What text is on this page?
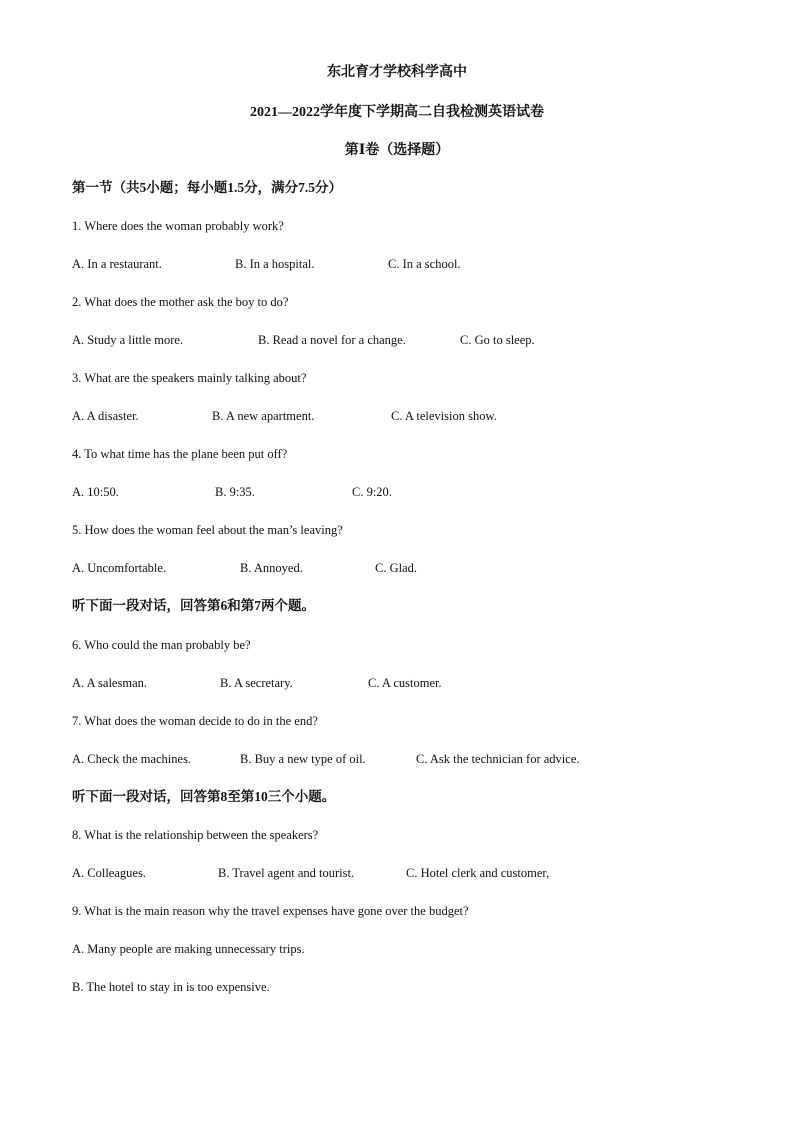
东北育才学校科学高中
2021—2022学年度下学期高二自我检测英语试卷
第Ⅰ卷（选择题）
第一节（共5小题；每小题1.5分，满分7.5分）
1. Where does the woman probably work?
A. In a restaurant.	B. In a hospital.	C. In a school.
2. What does the mother ask the boy to do?
A. Study a little more.	B. Read a novel for a change.	C. Go to sleep.
3. What are the speakers mainly talking about?
A. A disaster.	B. A new apartment.	C. A television show.
4. To what time has the plane been put off?
A. 10:50.	B. 9:35.	C. 9:20.
5. How does the woman feel about the man’s leaving?
A. Uncomfortable.	B. Annoyed.	C. Glad.
听下面一段对话，回答第6和第7两个题。
6. Who could the man probably be?
A. A salesman.	B. A secretary.	C. A customer.
7. What does the woman decide to do in the end?
A. Check the machines.	B. Buy a new type of oil.	C. Ask the technician for advice.
听下面一段对话，回答第8至第10三个小题。
8. What is the relationship between the speakers?
A. Colleagues.	B. Travel agent and tourist.	C. Hotel clerk and customer,
9. What is the main reason why the travel expenses have gone over the budget?
A. Many people are making unnecessary trips.
B. The hotel to stay in is too expensive.
